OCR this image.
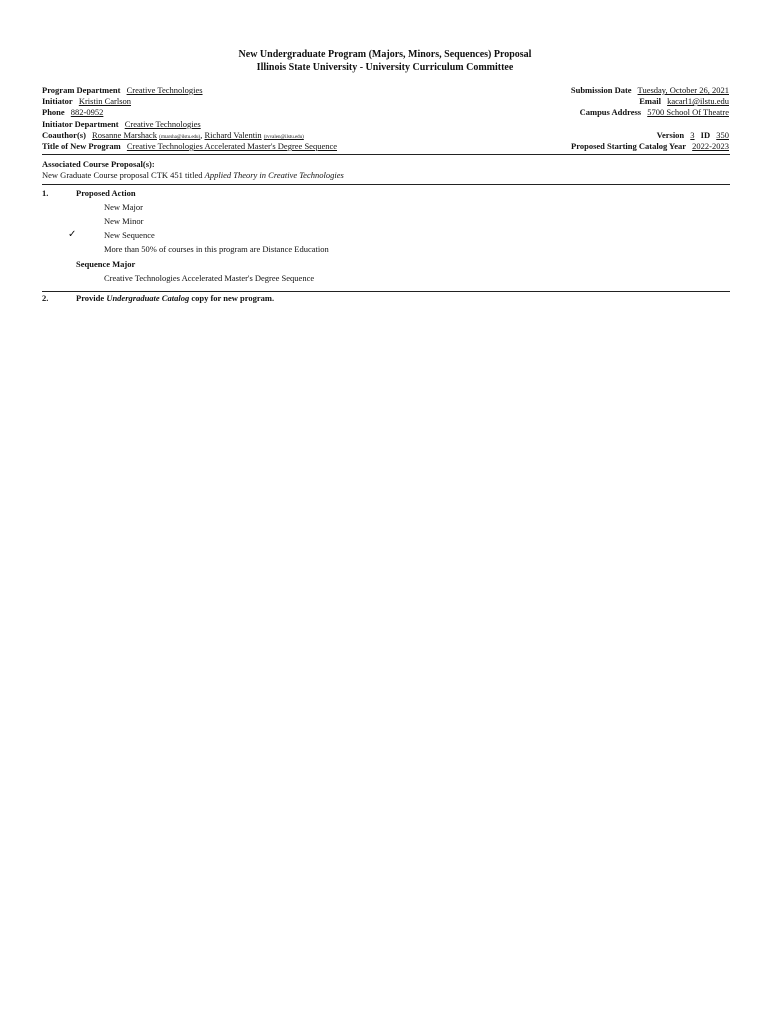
New Undergraduate Program (Majors, Minors, Sequences) Proposal
Illinois State University - University Curriculum Committee
Program Department Creative Technologies
Initiator Kristin Carlson
Phone 882-0952
Initiator Department Creative Technologies
Coauthor(s) Rosanne Marshack (rmarsha@ilstu.edu), Richard Valentin (rvvalen@ilstu.edu)
Title of New Program Creative Technologies Accelerated Master's Degree Sequence
Submission Date Tuesday, October 26, 2021
Email kacarl1@ilstu.edu
Campus Address 5700 School Of Theatre
Version 3 ID 350
Proposed Starting Catalog Year 2022-2023
Associated Course Proposal(s):
New Graduate Course proposal CTK 451 titled Applied Theory in Creative Technologies
1.	Proposed Action
New Major
New Minor
✓	New Sequence
More than 50% of courses in this program are Distance Education
Sequence Major
Creative Technologies Accelerated Master's Degree Sequence
2.	Provide Undergraduate Catalog copy for new program.
